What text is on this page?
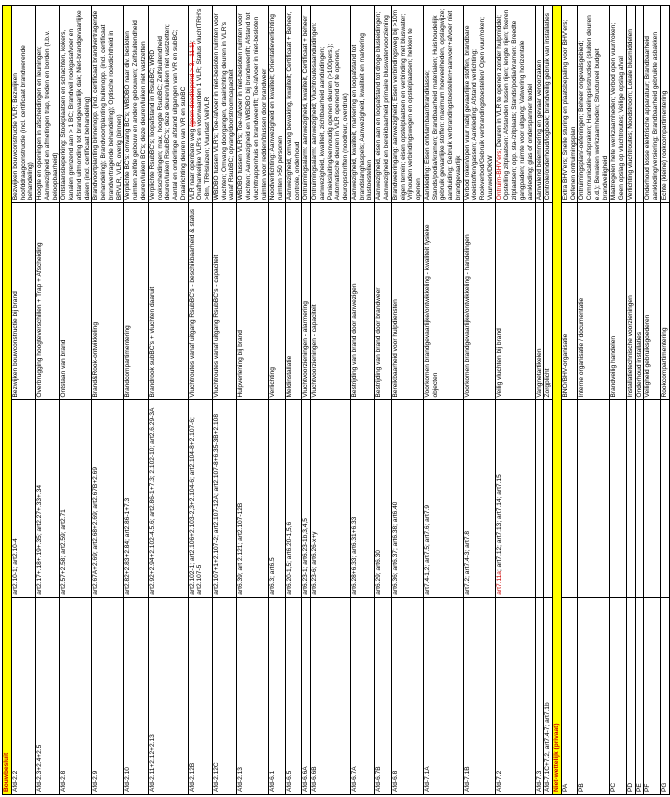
Bouwbesluit			
Afd-2.2	art2.10-1; art2.10-4	Bezwijken bouwconstructie bij brand	Bezwijken bouwconstructie VLR; Bezwijken hoofddraagconstructie (incl. certificaat brandwerende behandeling)
Afd-2.3+2.4+2.5	art2.17+.18+.19+.35; art2.27+.33+.34	Overbrugging hoogteverschillen + Trap + Afscheiding	Hoogte en openingen in afscheidingen en leuningen; Aanwezigheid en afmetingen trap, treden en borden (t.b.v. beloopbaarheid)
Afd-2.8	art2.57+2.58; art2.59; art2.71	Ontstaan van brand	Ontstaansbeperking: Stookplaatsen en schachten, kokers, kanalen grenzend aan > 1 BC; Brandveil rookgasafvoer en afstand uitmonding tot brandgevaarlijk dak; Niet-brandgevaarlijke daken (incl. certificaat behandeling)
Afd-2.9	art2.67A+2.69; art2.68+2.69; art2.67B+2.69	Brand&Rook-ontwikkeling	Brandvoortplanting binnenopp. (incl. certificaat brandvertragende behandeling); Brandvoortplanting buitenopp. (incl. certificaat brandvertragende behandeling); Optische rookdichtheid in BRVLR, VLR, overig (binnen)
Afd-2.10	art2.82+2.83+2.84; art2.86-1+7.3	Brandcompartimentering	Verplichte BC's: omvang BC's; WBDBO naar div. besloten ruimten zelfde gebouw en andere gebouwen; Zelfsluitendheid deuren/luiken BC's; deze deuren/luiken niet vastzetten
Afd-2.11+2.12+2.13	art2.92+2.94+2.102-4.5.6; art2.86-1+7.3; 2.102-10; art2.6.29-3A	Brandrook subBC's + vluchten daaruit	Verplichte RsubBC's; loopafstand in RsubBC; WRD rookscheidingen; max. hoogte RsubBC; Zelfsluitendheid deuren/luiken RsubBC's; deze deuren/luiken niet vastzetten; Aantal en onderlinge afstand uitgangen van VR en subBC; Draairichting deuren van VR en subBC
Afd-2.12B	art2.102-1; art2.106+2.103-2,3+2.104-6; art2.104-8+2.107-6; art2.107-5	Vluchtroutes vanaf uitgang RsubBC's - beschikbaarheid & status	VLR naar openbare weg (geen doodlopend > 3, -11.1); Onafhankelijke VLR's en voorwaarden 1 VLR; Status vluchtTRH's >8m, TRHsluizen; Vuurlast VeilVLR
Afd-2.12C	art2.107+1+2.107-2; art2.107-12A; art2.107-8+6.35-3B+2.108	Vluchtroutes vanaf uitgang RsubBC's - capaciteit	WBDBO tussen VLR's; Toe-/afvoer in niet-besloten ruimten voor vluchten; Omvang doorgangen, draairichting deuren in VLR's vanaf RsubBC; opvang/doorstroomcapaciteit
Afd-2.13	art6.39; art 2.121; art2.107-12B	Hulpverlening bij brand	WBDBO tussen VLR's; Toe-/afvoer in niet-besloten ruimten voor vluchten; Aanwezigheid en WBDBO bij brandweerlift; Afstand tot vluchttrappenhuis en brandweerlift; Toe-/afvoer in niet-besloten ruimten voor redden/blussen door brandweer
Afd-6.1	art6.3; art6.5	Verlichting	Noodverlichting: Aanwezigheid en kwaliteit; Orientatieverlichting ruimten >50 personen
Afd-6.5	art6.20-1,5; art6.20-1,5,6	Meldinstallatie	Aanwezigheid, omvang bewaking, kwaliteit; Certificaat + Beheer, controle, onderhoud
Afd-6.6A	art6.23-1; art6.23-1b,3,4,5	Vluchtvoorzieningen - alarmering	Ontruimingsalarm: aanwezigheid, kwaliteit, Certificaat + beheer
Afd-6.6B	art6.23-6; art6.26-x+y	Vluchtvoorzieningen - capaciteit	Ontruimingsalarm: aanwezigheid; Vluchtroutesaanduidingen: aanwezigheid, kwaliteit, zichtbaarheid aanduidingen; Panieksluiting/eenvoudig openen deuren (>100pers.); Automatische deuren in VLR openend of te openen, deuropschriften (noodreur, overdruk)
Afd-6.7A	art6.28+6.33; art6.31+6.33	Bestrijding van brand door aanwezigen	Aanwezigheid, kwaliteit, markering en loopafstand tot brandslanghaspels; Aanwezigheid, kwaliteit en markering blustoestellen
Afd-6.7B	art6.29; art6.30	Bestrijding van brand door brandweer	Aanwezigheid, eisen aan en loopafstand tot droge blusleidingen; Aanwezigheid en bereikbaarheid primaire bluswatervoorziening
Afd-6.8	art6.36; art6.37; art6.38; art6.40	Bereikbaarheid voor hulpdiensten	Brandweeringang: aanwezigheid; Eisen verbindingsweg bij >10m eigen terrein; eisen opstelplaatsen en verbinding met bluswater; Vrijhouden verbindingswegen en opstelplaatsen; hekken te openen
Afd-7.1A	art7.4-1,2; art7.5; art7.6; art7.9	Voorkomen brandgevaarlijke/ontwikkeling - kwaliteit fysieke objecten	Aankleding: Eisen ontvlambaar/brandklasse; Stands/podia/kramen; Brandbaarheid materialen; Huishoudelijk gebruik gevaarlijke stoffen: maximum hoeveelheden, opslagwijze; aanduiding; Gebruik verbrandingstoestellen+aanvoer+afvoer niet brandgevaarlijk
Afd-7.1B	art7.2; art7.4-3; art7.8	Voorkomen brandgevaarlijke/ontwikkeling - handelingen	Verbod roken/open vuur nabij gevaarlijke stoffen, brandbare vloeistoffen/gassen; Aankleding: Afstand verlichting; Rookverbod/Gebruik verbrandingstoestellen/ Open vuur/roken; Vuurwerk/DKW
Afd-7.2	art7.11a; art7.12; art7.13; art7.14; art7.15	Veilig vluchten bij brand	Ontruim-BHV'ers; Deuren in VLR te openen zonder hulpmiddel; Opstelling zitplaatsen: Afstanden tussen rijen; lengte rijen; fixeren zitplaatsen; opp. sta-/zitplaats; Stands/podia/kramen: Breedte gangpaden; ruimte voor uitgang; Vatwering horizontale aankleding; glas of onderspanner textiel
Afd-7.3		Vangnetartikelen	Aanvulend belemmering en gevaar veroorzaken
Afd-7.1C+7.2, art7.4-7; art7.1b		Zorgplicht	Controle/onderhoud/logboek; brandveilig gebruik van installaties
Niet-wettelijk (privaat)			
PA		BNO/BHV-organisatie	Extra BHV'ers; Snelle sturing en plaatsbepaling voor BHV'ers; Oefenen ontruimingsplan
PB		Interne organisatie / documentatie	Ontruimingsplan/-oefeningen; Beheer ongevalsgebied; Communicatie-afspraken; Handelingsinstructies (sluiten deuren e.d.); Bewaken werkzaamheden; Structureel budget brandveiligheid
PC		Brandveilig handelen	Maatregelen hete werkzaamheden; Verbod open vuur/roken; Geen opslag op vluchtroutes; Veilige opslag afval
PD		Installatietechnische voorzieningen	Verlichting vluchtroutes; Noodstroom; Lokale blusmiddelen
PE		Onderhoud installaties	
PF		Veiligheid gebruiksgoederen	Onderhoud losse elektrische apparatuur; Brandbaarheid aankleding/versiering; Brandbaarheid gebruikte asbakken
PG		Rookcompartimentering	Echte (kleine) rookcompartimentering
